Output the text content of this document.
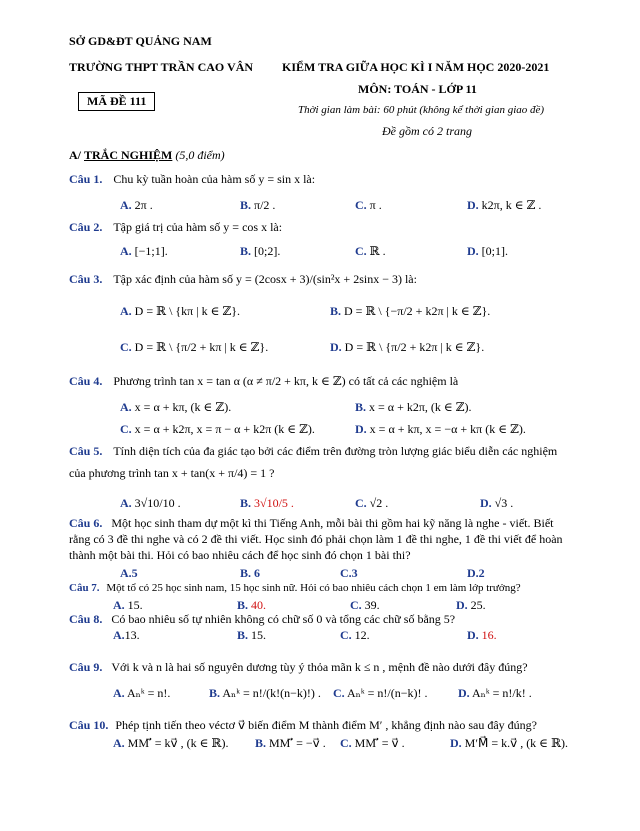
SỞ GD&ĐT QUẢNG NAM
TRƯỜNG THPT TRẦN CAO VÂN KIỂM TRA GIỮA HỌC KÌ I NĂM HỌC 2020-2021
MÔN: TOÁN - LỚP 11
MÃ ĐỀ 111
Thời gian làm bài: 60 phút (không kể thời gian giao đề)
Đề gồm có 2 trang
A/ TRẮC NGHIỆM (5,0 điểm)
Câu 1. Chu kỳ tuần hoàn của hàm số y = sin x là:
A. 2π .	B. π/2 .	C. π .	D. k2π, k ∈ ℤ .
Câu 2. Tập giá trị của hàm số y = cos x là:
A. [−1;1].	B. [0;2].	C. ℝ .	D. [0;1].
Câu 3. Tập xác định của hàm số y = (2cosx + 3)/(sin²x + 2sinx − 3) là:
A. D = ℝ \ {kπ | k ∈ ℤ}.	B. D = ℝ \ {−π/2 + k2π | k ∈ ℤ}.
C. D = ℝ \ {π/2 + kπ | k ∈ ℤ}.	D. D = ℝ \ {π/2 + k2π | k ∈ ℤ}.
Câu 4. Phương trình tan x = tan α (α ≠ π/2 + kπ, k ∈ ℤ) có tất cả các nghiệm là
A. x = α + kπ, (k ∈ ℤ).	B. x = α + k2π, (k ∈ ℤ).
C. x = α + k2π, x = π − α + k2π (k ∈ ℤ).	D. x = α + kπ, x = −α + kπ (k ∈ ℤ).
Câu 5. Tính diện tích của đa giác tạo bởi các điểm trên đường tròn lượng giác biểu diễn các nghiệm
của phương trình tan x + tan(x + π/4) = 1 ?
A. 3√10/10 .	B. 3√10/5 .	C. √2 .	D. √3 .
Câu 6. Một học sinh tham dự một kì thi Tiếng Anh, mỗi bài thi gồm hai kỹ năng là nghe - viết. Biết
rằng có 3 đề thi nghe và có 2 đề thi viết. Học sinh đó phải chọn làm 1 đề thi nghe, 1 đề thi viết để hoàn
thành một bài thi. Hỏi có bao nhiêu cách để học sinh đó chọn 1 bài thi?
A.5	B. 6	C.3	D.2
Câu 7. Một tổ có 25 học sinh nam, 15 học sinh nữ. Hỏi có bao nhiêu cách chọn 1 em làm lớp trưởng?
A. 15.	B. 40.	C. 39.	D. 25.
Câu 8. Có bao nhiêu số tự nhiên không có chữ số 0 và tổng các chữ số bằng 5?
A.13.	B. 15.	C. 12.	D. 16.
Câu 9. Với k và n là hai số nguyên dương tùy ý thỏa mãn k ≤ n , mệnh đề nào dưới đây đúng?
A. Aₙᵏ = n!.	B. Aₙᵏ = n!/(k!(n−k)!) . C. Aₙᵏ = n!/(n−k)! .	D. Aₙᵏ = n!/k! .
Câu 10. Phép tịnh tiến theo véctơ v⃗ biến điểm M thành điểm M′ , khẳng định nào sau đây đúng?
A. MM′⃗ = kv⃗ , (k ∈ ℝ). B. MM′⃗ = −v⃗ . C. MM′⃗ = v⃗ .	D. M′M⃗ = k.v⃗ , (k ∈ ℝ).
